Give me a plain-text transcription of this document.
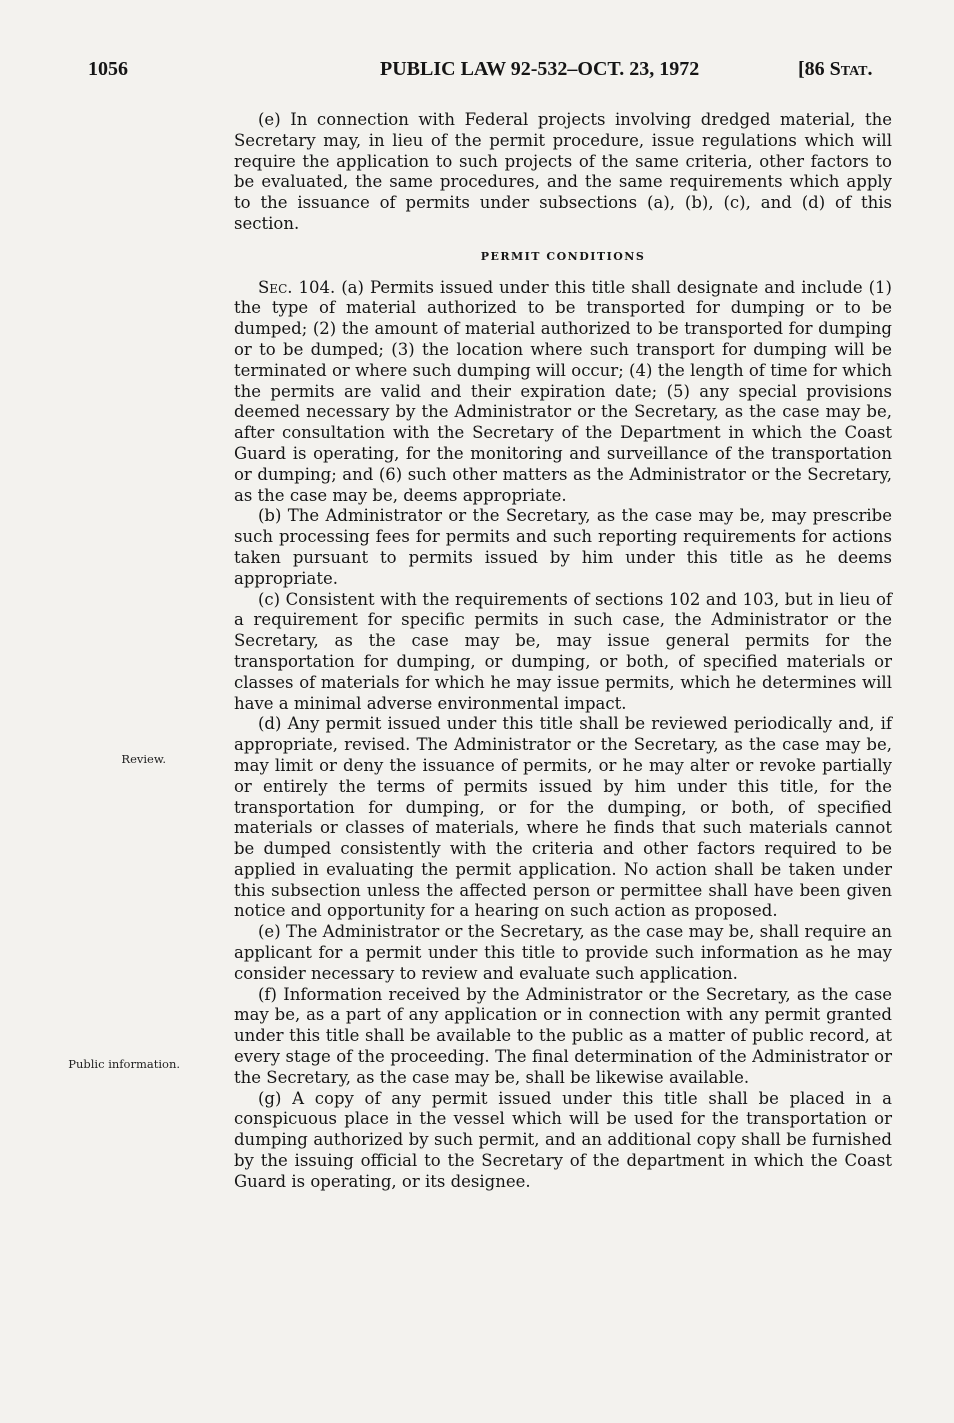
1056	PUBLIC LAW 92-532–OCT. 23, 1972	[86 Stat.
Review.
Public information.

(e) In connection with Federal projects involving dredged material, the Secretary may, in lieu of the permit procedure, issue regulations which will require the application to such projects of the same criteria, other factors to be evaluated, the same procedures, and the same requirements which apply to the issuance of permits under subsections (a), (b), (c), and (d) of this section.

PERMIT CONDITIONS

Sec. 104. (a) Permits issued under this title shall designate and include (1) the type of material authorized to be transported for dumping or to be dumped; (2) the amount of material authorized to be transported for dumping or to be dumped; (3) the location where such transport for dumping will be terminated or where such dumping will occur; (4) the length of time for which the permits are valid and their expiration date; (5) any special provisions deemed necessary by the Administrator or the Secretary, as the case may be, after consultation with the Secretary of the Department in which the Coast Guard is operating, for the monitoring and surveillance of the transportation or dumping; and (6) such other matters as the Administrator or the Secretary, as the case may be, deems appropriate.

(b) The Administrator or the Secretary, as the case may be, may prescribe such processing fees for permits and such reporting requirements for actions taken pursuant to permits issued by him under this title as he deems appropriate.

(c) Consistent with the requirements of sections 102 and 103, but in lieu of a requirement for specific permits in such case, the Administrator or the Secretary, as the case may be, may issue general permits for the transportation for dumping, or dumping, or both, of specified materials or classes of materials for which he may issue permits, which he determines will have a minimal adverse environmental impact.

(d) Any permit issued under this title shall be reviewed periodically and, if appropriate, revised. The Administrator or the Secretary, as the case may be, may limit or deny the issuance of permits, or he may alter or revoke partially or entirely the terms of permits issued by him under this title, for the transportation for dumping, or for the dumping, or both, of specified materials or classes of materials, where he finds that such materials cannot be dumped consistently with the criteria and other factors required to be applied in evaluating the permit application. No action shall be taken under this subsection unless the affected person or permittee shall have been given notice and opportunity for a hearing on such action as proposed.

(e) The Administrator or the Secretary, as the case may be, shall require an applicant for a permit under this title to provide such information as he may consider necessary to review and evaluate such application.

(f) Information received by the Administrator or the Secretary, as the case may be, as a part of any application or in connection with any permit granted under this title shall be available to the public as a matter of public record, at every stage of the proceeding. The final determination of the Administrator or the Secretary, as the case may be, shall be likewise available.

(g) A copy of any permit issued under this title shall be placed in a conspicuous place in the vessel which will be used for the transportation or dumping authorized by such permit, and an additional copy shall be furnished by the issuing official to the Secretary of the department in which the Coast Guard is operating, or its designee.
